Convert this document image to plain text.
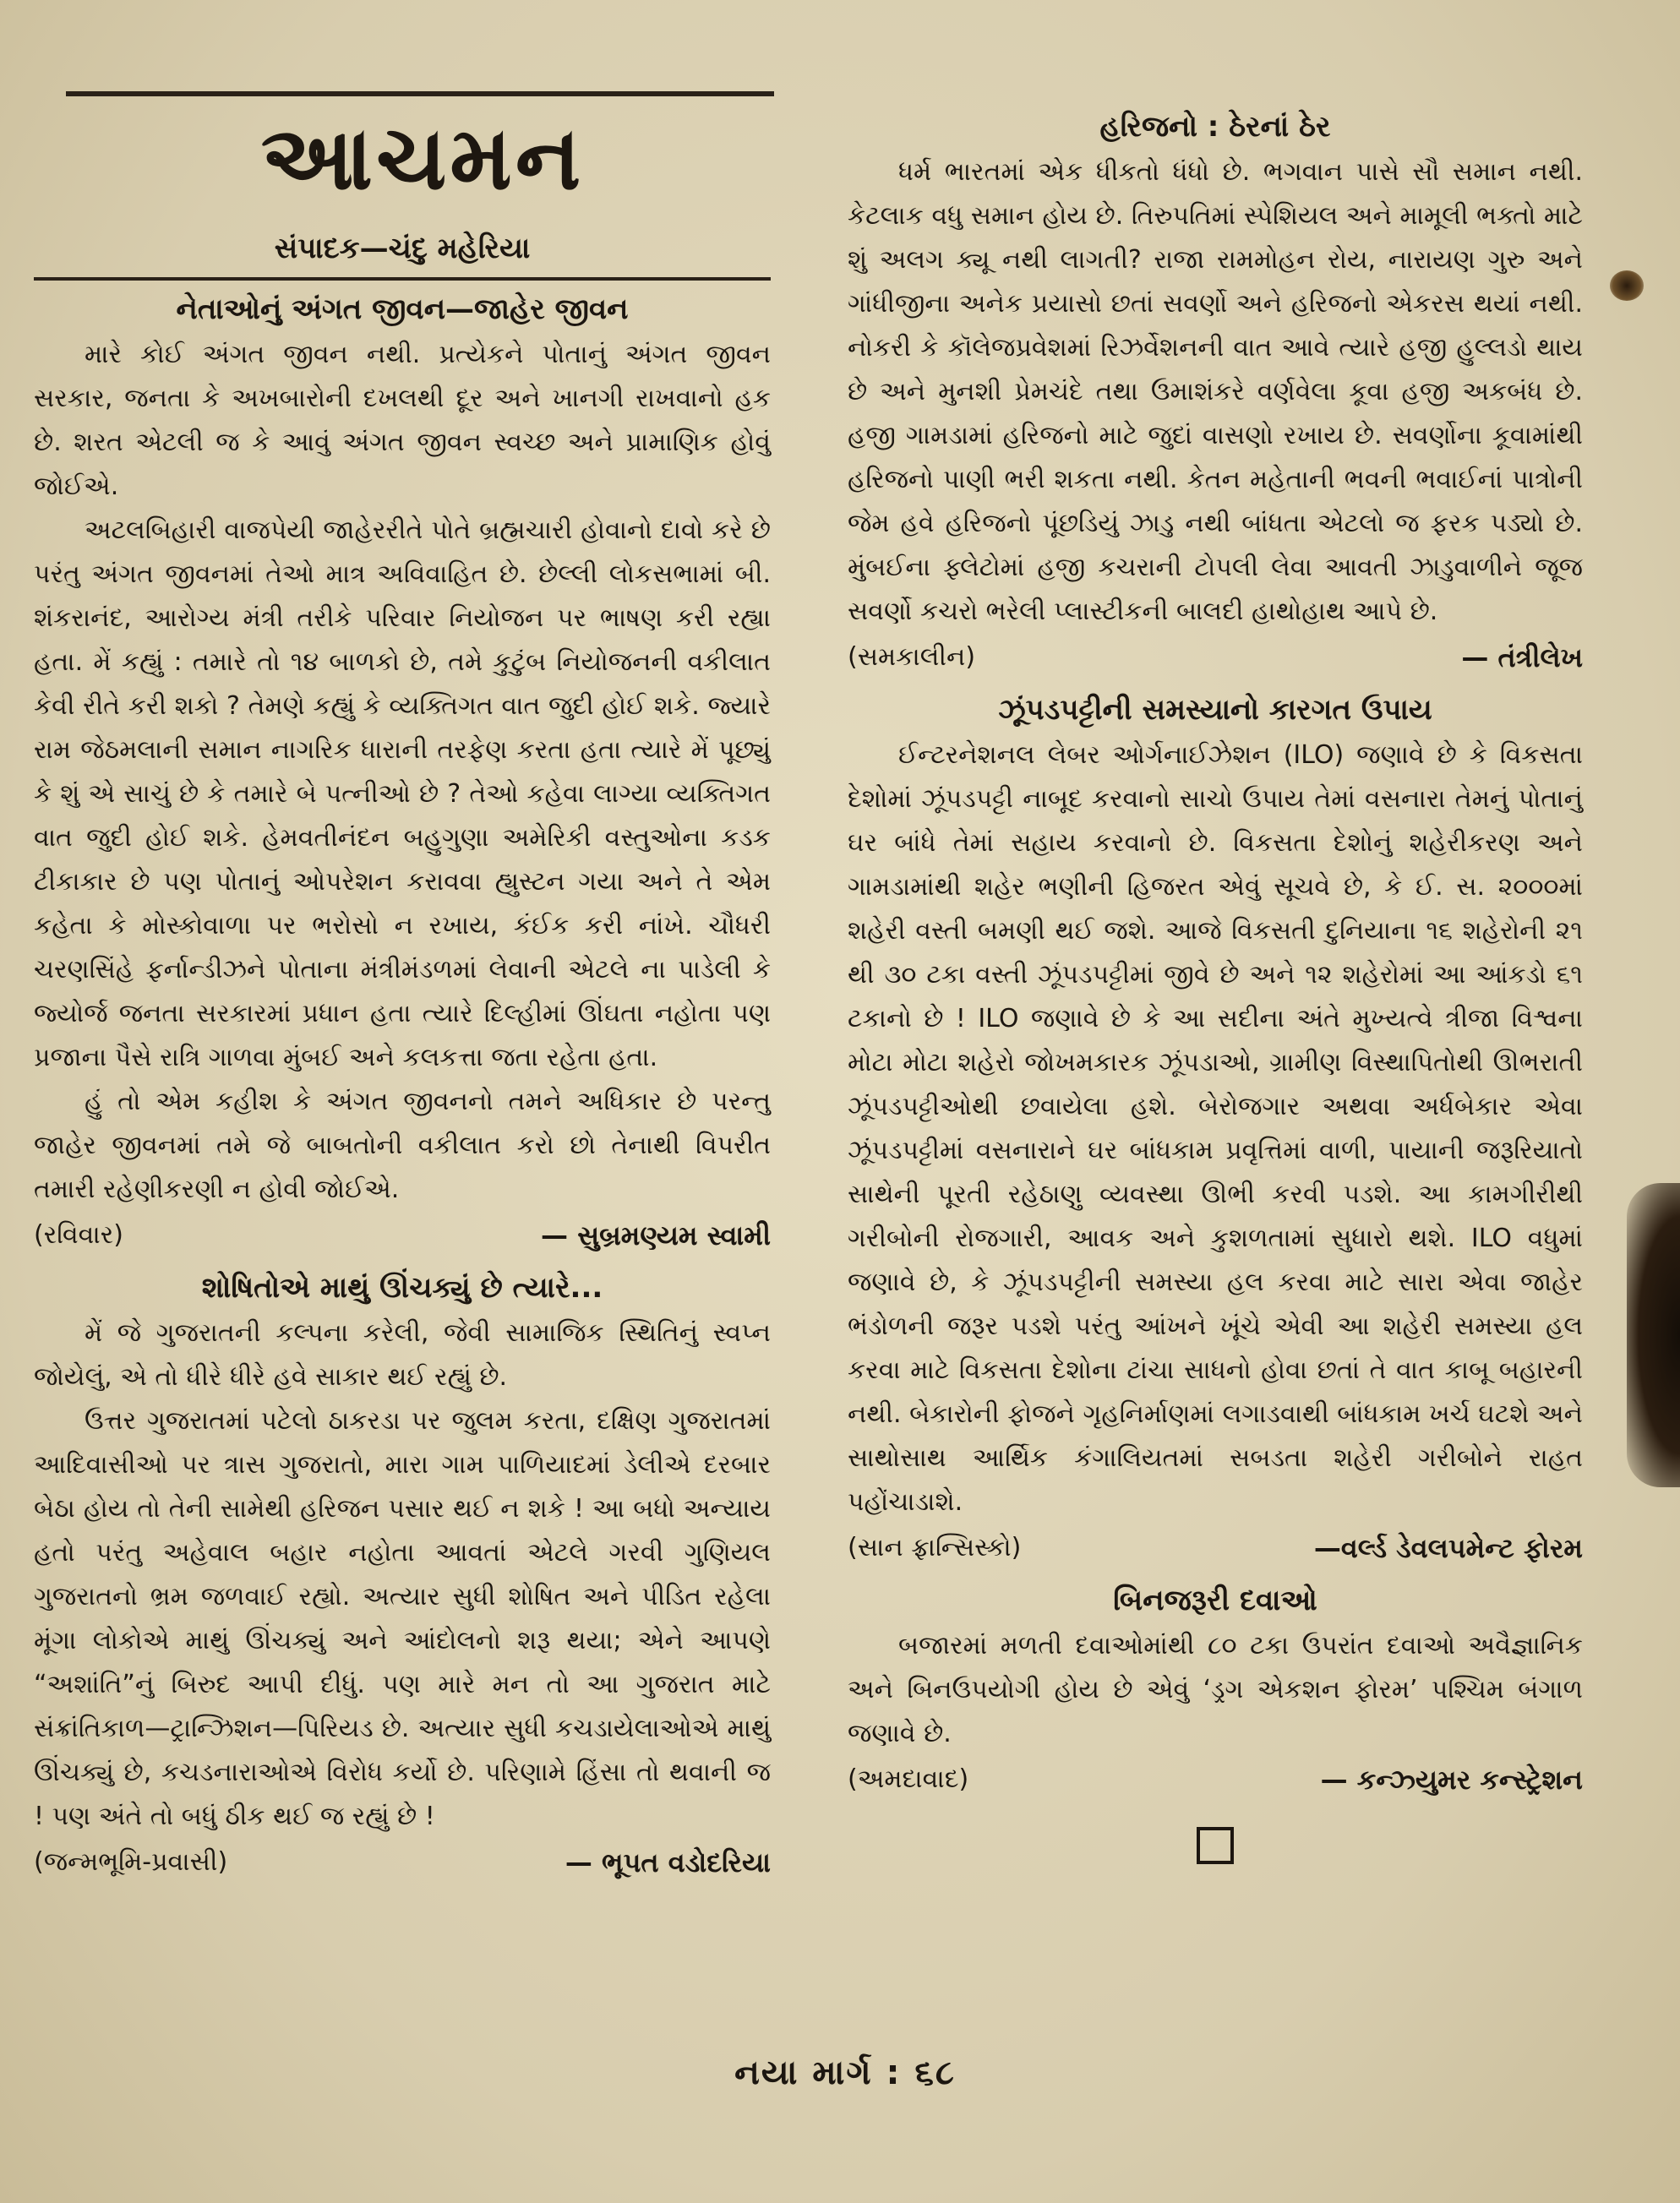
આચમન
સંપાદક—ચંદુ મહેરિયા
નેતાઓનું અંગત જીવન—જાહેર જીવન

મારે કોઈ અંગત જીવન નથી. પ્રત્યેકને પોતાનું અંગત જીવન સરકાર, જનતા કે અખબારોની દખલથી દૂર અને ખાનગી રાખવાનો હક છે. શરત એટલી જ કે આવું અંગત જીવન સ્વચ્છ અને પ્રામાણિક હોવું જોઈએ.

અટલબિહારી વાજપેયી જાહેરરીતે પોતે બ્રહ્મચારી હોવાનો દાવો કરે છે પરંતુ અંગત જીવનમાં તેઓ માત્ર અવિવાહિત છે. છેલ્લી લોકસભામાં બી. શંકરાનંદ, આરોગ્ય મંત્રી તરીકે પરિવાર નિયોજન પર ભાષણ કરી રહ્યા હતા. મેં કહ્યું : તમારે તો ૧૪ બાળકો છે, તમે કુટુંબ નિયોજનની વકીલાત કેવી રીતે કરી શકો ? તેમણે કહ્યું કે વ્યક્તિગત વાત જુદી હોઈ શકે. જ્યારે રામ જેઠમલાની સમાન નાગરિક ધારાની તરફેણ કરતા હતા ત્યારે મેં પૂછ્યું કે શું એ સાચું છે કે તમારે બે પત્નીઓ છે ? તેઓ કહેવા લાગ્યા વ્યક્તિગત વાત જુદી હોઈ શકે. હેમવતીનંદન બહુગુણા અમેરિકી વસ્તુઓના કડક ટીકાકાર છે પણ પોતાનું ઓપરેશન કરાવવા હ્યુસ્ટન ગયા અને તે એમ કહેતા કે મોસ્કોવાળા પર ભરોસો ન રખાય, કંઈક કરી નાંખે. ચૌધરી ચરણસિંહે ફર્નાન્ડીઝને પોતાના મંત્રીમંડળમાં લેવાની એટલે ના પાડેલી કે જ્યોર્જ જનતા સરકારમાં પ્રધાન હતા ત્યારે દિલ્હીમાં ઊંઘતા નહોતા પણ પ્રજાના પૈસે રાત્રિ ગાળવા મુંબઈ અને કલકત્તા જતા રહેતા હતા.

હું તો એમ કહીશ કે અંગત જીવનનો તમને અધિકાર છે પરન્તુ જાહેર જીવનમાં તમે જે બાબતોની વકીલાત કરો છો તેનાથી વિપરીત તમારી રહેણીકરણી ન હોવી જોઈએ.

(રવિવાર)	— સુબ્રમણ્યમ સ્વામી
શોષિતોએ માથું ઊંચક્યું છે ત્યારે...

મેં જે ગુજરાતની કલ્પના કરેલી, જેવી સામાજિક સ્થિતિનું સ્વપ્ન જોયેલું, એ તો ધીરે ધીરે હવે સાકાર થઈ રહ્યું છે.

ઉત્તર ગુજરાતમાં પટેલો ઠાકરડા પર જુલમ કરતા, દક્ષિણ ગુજરાતમાં આદિવાસીઓ પર ત્રાસ ગુજરાતો, મારા ગામ પાળિયાદમાં ડેલીએ દરબાર બેઠા હોય તો તેની સામેથી હરિજન પસાર થઈ ન શકે ! આ બધો અન્યાય હતો પરંતુ અહેવાલ બહાર નહોતા આવતાં એટલે ગરવી ગુણિયલ ગુજરાતનો ભ્રમ જળવાઈ રહ્યો. અત્યાર સુધી શોષિત અને પીડિત રહેલા મૂંગા લોકોએ માથું ઊંચક્યું અને આંદોલનો શરૂ થયા; એને આપણે “અશાંતિ”નું બિરુદ આપી દીધું. પણ મારે મન તો આ ગુજરાત માટે સંક્રાંતિકાળ—ટ્રાન્ઝિશન—પિરિયડ છે. અત્યાર સુધી કચડાયેલાઓએ માથું ઊંચક્યું છે, કચડનારાઓએ વિરોધ કર્યો છે. પરિણામે હિંસા તો થવાની જ ! પણ અંતે તો બધું ઠીક થઈ જ રહ્યું છે !

(જન્મભૂમિ-પ્રવાસી)	— ભૂપત વડોદરિયા
હરિજનો : ઠેરનાં ઠેર

ધર્મ ભારતમાં એક ધીકતો ધંધો છે. ભગવાન પાસે સૌ સમાન નથી. કેટલાક વધુ સમાન હોય છે. તિરુપતિમાં સ્પેશિયલ અને મામૂલી ભક્તો માટે શું અલગ ક્યૂ નથી લાગતી? રાજા રામમોહન રોય, નારાયણ ગુરુ અને ગાંધીજીના અનેક પ્રયાસો છતાં સવર્ણો અને હરિજનો એકરસ થયાં નથી. નોકરી કે કૉલેજપ્રવેશમાં રિઝર્વેશનની વાત આવે ત્યારે હજી હુલ્લડો થાય છે અને મુનશી પ્રેમચંદે તથા ઉમાશંકરે વર્ણવેલા કૂવા હજી અકબંધ છે. હજી ગામડામાં હરિજનો માટે જુદાં વાસણો રખાય છે. સવર્ણોના કૂવામાંથી હરિજનો પાણી ભરી શકતા નથી. કેતન મહેતાની ભવની ભવાઈનાં પાત્રોની જેમ હવે હરિજનો પૂંછડિયું ઝાડુ નથી બાંધતા એટલો જ ફરક પડ્યો છે. મુંબઈના ફ્લેટોમાં હજી કચરાની ટોપલી લેવા આવતી ઝાડુવાળીને જૂજ સવર્ણો કચરો ભરેલી પ્લાસ્ટીકની બાલદી હાથોહાથ આપે છે.

(સમકાલીન)	— તંત્રીલેખ
ઝૂંપડપટ્ટીની સમસ્યાનો કારગત ઉપાય

ઈન્ટરનેશનલ લેબર ઓર્ગનાઈઝેશન (ILO) જણાવે છે કે વિકસતા દેશોમાં ઝૂંપડપટ્ટી નાબૂદ કરવાનો સાચો ઉપાય તેમાં વસનારા તેમનું પોતાનું ઘર બાંધે તેમાં સહાય કરવાનો છે. વિકસતા દેશોનું શહેરીકરણ અને ગામડામાંથી શહેર ભણીની હિજરત એવું સૂચવે છે, કે ઈ. સ. ૨૦૦૦માં શહેરી વસ્તી બમણી થઈ જશે. આજે વિકસતી દુનિયાના ૧૬ શહેરોની ૨૧ થી ૩૦ ટકા વસ્તી ઝૂંપડપટ્ટીમાં જીવે છે અને ૧૨ શહેરોમાં આ આંકડો ૬૧ ટકાનો છે ! ILO જણાવે છે કે આ સદીના અંતે મુખ્યત્વે ત્રીજા વિશ્વના મોટા મોટા શહેરો જોખમકારક ઝૂંપડાઓ, ગ્રામીણ વિસ્થાપિતોથી ઊભરાતી ઝૂંપડપટ્ટીઓથી છવાયેલા હશે. બેરોજગાર અથવા અર્ધબેકાર એવા ઝૂંપડપટ્ટીમાં વસનારાને ઘર બાંધકામ પ્રવૃત્તિમાં વાળી, પાયાની જરૂરિયાતો સાથેની પૂરતી રહેઠાણુ વ્યવસ્થા ઊભી કરવી પડશે. આ કામગીરીથી ગરીબોની રોજગારી, આવક અને કુશળતામાં સુધારો થશે. ILO વધુમાં જણાવે છે, કે ઝૂંપડપટ્ટીની સમસ્યા હલ કરવા માટે સારા એવા જાહેર ભંડોળની જરૂર પડશે પરંતુ આંખને ખૂંચે એવી આ શહેરી સમસ્યા હલ કરવા માટે વિકસતા દેશોના ટાંચા સાધનો હોવા છતાં તે વાત કાબૂ બહારની નથી. બેકારોની ફોજને ગૃહનિર્માણમાં લગાડવાથી બાંધકામ ખર્ચ ઘટશે અને સાથોસાથ આર્થિક કંગાલિયતમાં સબડતા શહેરી ગરીબોને રાહત પહોંચાડાશે.

(સાન ફ્રાન્સિસ્કો)	—વર્લ્ડ ડેવલપમેન્ટ ફોરમ
બિનજરૂરી દવાઓ

બજારમાં મળતી દવાઓમાંથી ૮૦ ટકા ઉપરાંત દવાઓ અવૈજ્ઞાનિક અને બિનઉપયોગી હોય છે એવું ‘ડ્રગ એકશન ફોરમ’ પશ્ચિમ બંગાળ જણાવે છે.

(અમદાવાદ)	— કન્ઝ્યુમર કન્સ્ટ્રેશન
નયા માર્ગ : ૬૮
